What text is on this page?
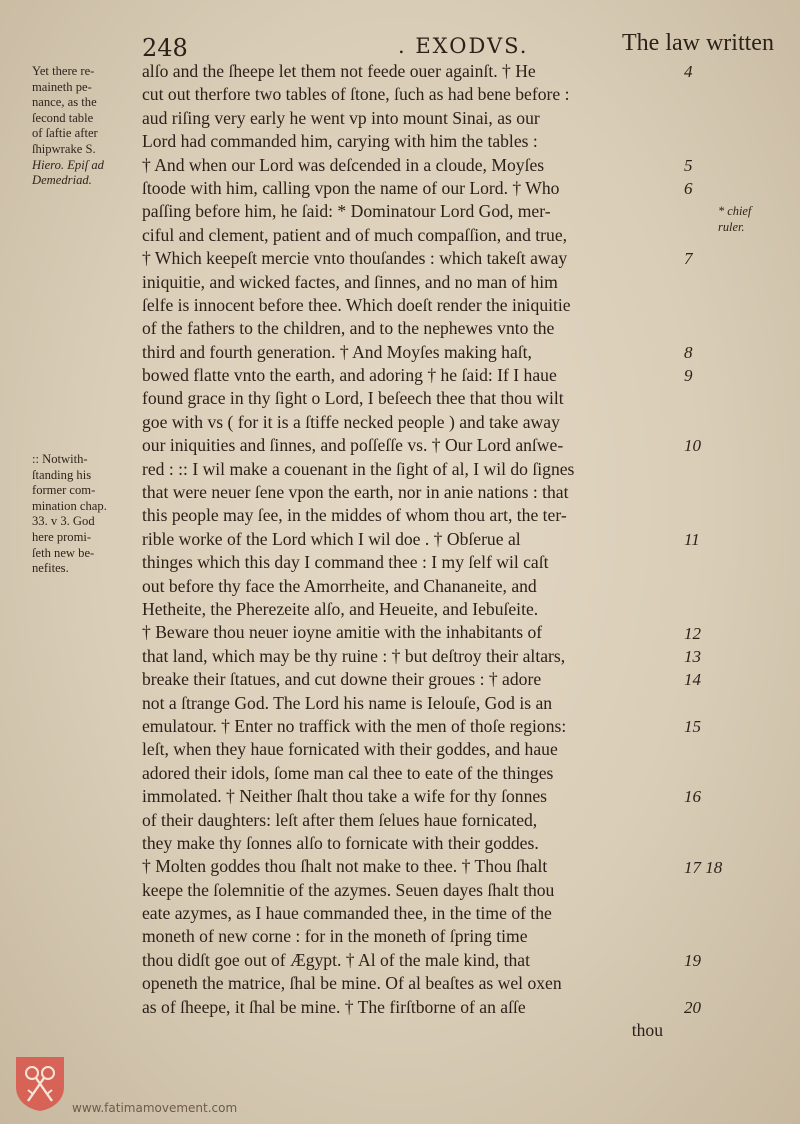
248	. EXODVS.	The law written
Yet there re-
maineth pe-
nance, as the
ſecond table
of ſaftie after
ſhipwrake S.
Hiero. Epiſ ad
Demedriad.
:: Notwith-
ſtanding his
former com-
mination chap.
33. v 3. God
here promi-
ſeth new be-
nefites.
* chief
ruler.
alſo and the ſheepe let them not feede ouer againſt. † He
cut out therfore two tables of ſtone, ſuch as had bene before :
aud riſing very early he went vp into mount Sinai, as our
Lord had commanded him, carying with him the tables :
† And when our Lord was deſcended in a cloude, Moyſes
ſtoode with him, calling vpon the name of our Lord. † Who
paſſing before him, he ſaid: * Dominatour Lord God, mer-
ciful and clement, patient and of much compaſſion, and true,
† Which keepeſt mercie vnto thouſandes : which takeſt away
iniquitie, and wicked factes, and ſinnes, and no man of him
ſelfe is innocent before thee. Which doeſt render the iniquitie
of the fathers to the children, and to the nephewes vnto the
third and fourth generation. † And Moyſes making haſt,
bowed flatte vnto the earth, and adoring † he ſaid: If I haue
found grace in thy ſight o Lord, I beſeech thee that thou wilt
goe with vs ( for it is a ſtiffe necked people ) and take away
our iniquities and ſinnes, and poſſeſſe vs. † Our Lord anſwe-
red : :: I wil make a couenant in the ſight of al, I wil do ſignes
that were neuer ſene vpon the earth, nor in anie nations : that
this people may ſee, in the middes of whom thou art, the ter-
rible worke of the Lord which I wil doe . † Obſerue al
thinges which this day I command thee : I my ſelf wil caſt
out before thy face the Amorrheite, and Chananeite, and
Hetheite, the Pherezeite alſo, and Heueite, and Iebuſeite.
† Beware thou neuer ioyne amitie with the inhabitants of
that land, which may be thy ruine : † but deſtroy their altars,
breake their ſtatues, and cut downe their groues : † adore
not a ſtrange God. The Lord his name is Ielouſe, God is an
emulatour. † Enter no traffick with the men of thoſe regions:
leſt, when they haue fornicated with their goddes, and haue
adored their idols, ſome man cal thee to eate of the thinges
immolated. † Neither ſhalt thou take a wife for thy ſonnes
of their daughters: leſt after them ſelues haue fornicated,
they make thy ſonnes alſo to fornicate with their goddes.
† Molten goddes thou ſhalt not make to thee. † Thou ſhalt
keepe the ſolemnitie of the azymes. Seuen dayes ſhalt thou
eate azymes, as I haue commanded thee, in the time of the
moneth of new corne : for in the moneth of ſpring time
thou didſt goe out of Ægypt. † Al of the male kind, that
openeth the matrice, ſhal be mine. Of al beaſtes as wel oxen
as of ſheepe, it ſhal be mine. † The firſtborne of an aſſe
thou
4
5
6
7
8
9
10
11
12
13
14
15
16
17 18
19
20
www.fatimamovement.com
